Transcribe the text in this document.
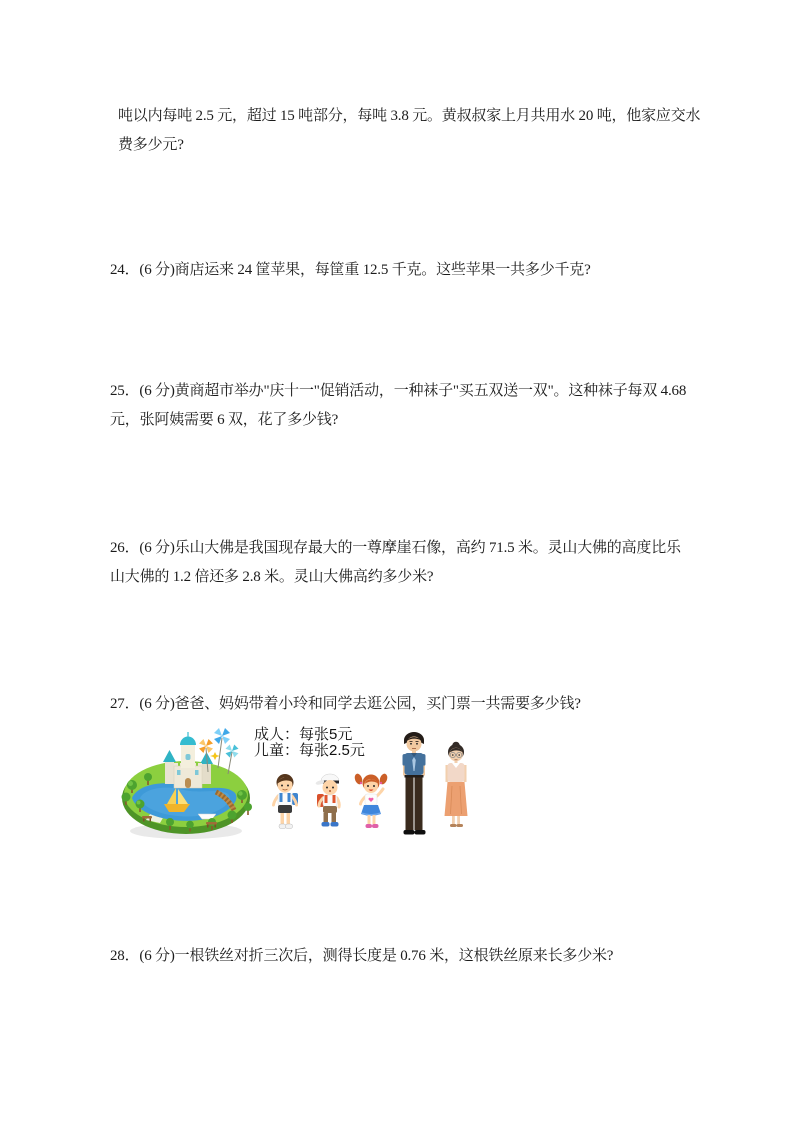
吨以内每吨 2.5 元，超过 15 吨部分，每吨 3.8 元。黄叔叔家上月共用水 20 吨，他家应交水
费多少元?
24．(6 分)商店运来 24 筐苹果，每筐重 12.5 千克。这些苹果一共多少千克?
25．(6 分)黄商超市举办"庆十一"促销活动，一种袜子"买五双送一双"。这种袜子每双 4.68
元，张阿姨需要 6 双，花了多少钱?
26．(6 分)乐山大佛是我国现存最大的一尊摩崖石像，高约 71.5 米。灵山大佛的高度比乐
山大佛的 1.2 倍还多 2.8 米。灵山大佛高约多少米?
27．(6 分)爸爸、妈妈带着小玲和同学去逛公园，买门票一共需要多少钱?
成人：每张5元
儿童：每张2.5元
28．(6 分)一根铁丝对折三次后，测得长度是 0.76 米，这根铁丝原来长多少米?
